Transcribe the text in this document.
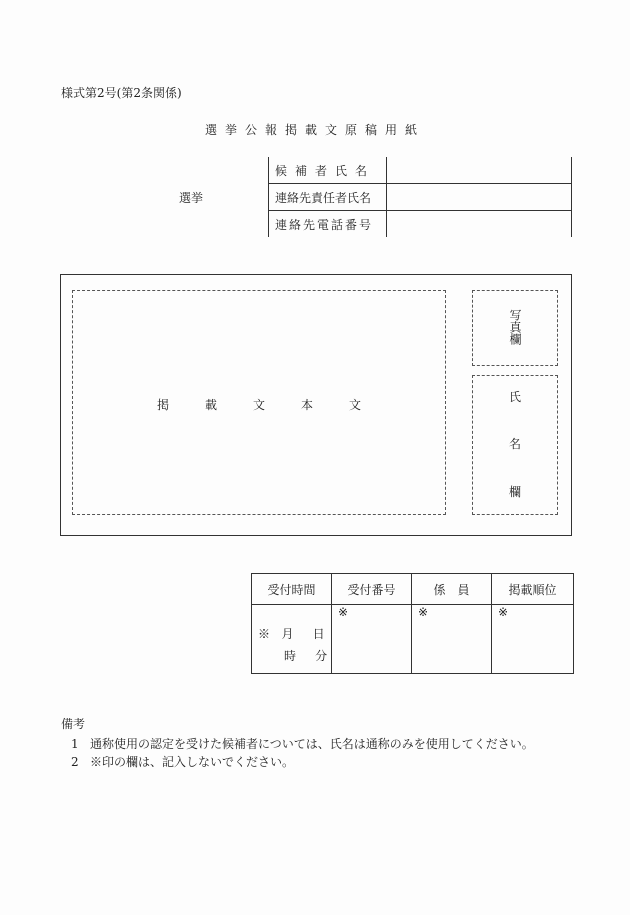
様式第2号(第2条関係)
選挙公報掲載文原稿用紙
選挙
候補者氏名	
連絡先責任者氏名	
連絡先電話番号	
掲	載	文	本	文
写真欄
氏
名
欄
受付時間	受付番号	係　員	掲載順位

※ 月 日
時 分	※	※	※
備考
1 通称使用の認定を受けた候補者については、氏名は通称のみを使用してください。
2 ※印の欄は、記入しないでください。
